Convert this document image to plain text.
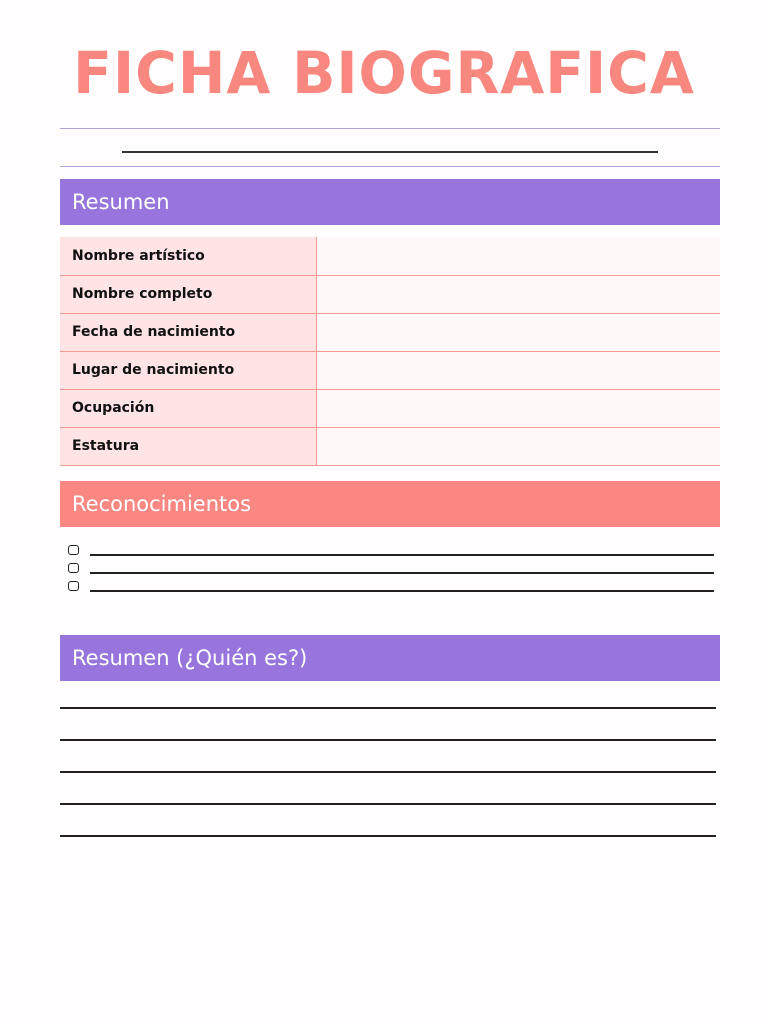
FICHA BIOGRAFICA
Resumen
Nombre artístico	
Nombre completo	
Fecha de nacimiento	
Lugar de nacimiento	
Ocupación	
Estatura	
Reconocimientos
Resumen (¿Quién es?)
